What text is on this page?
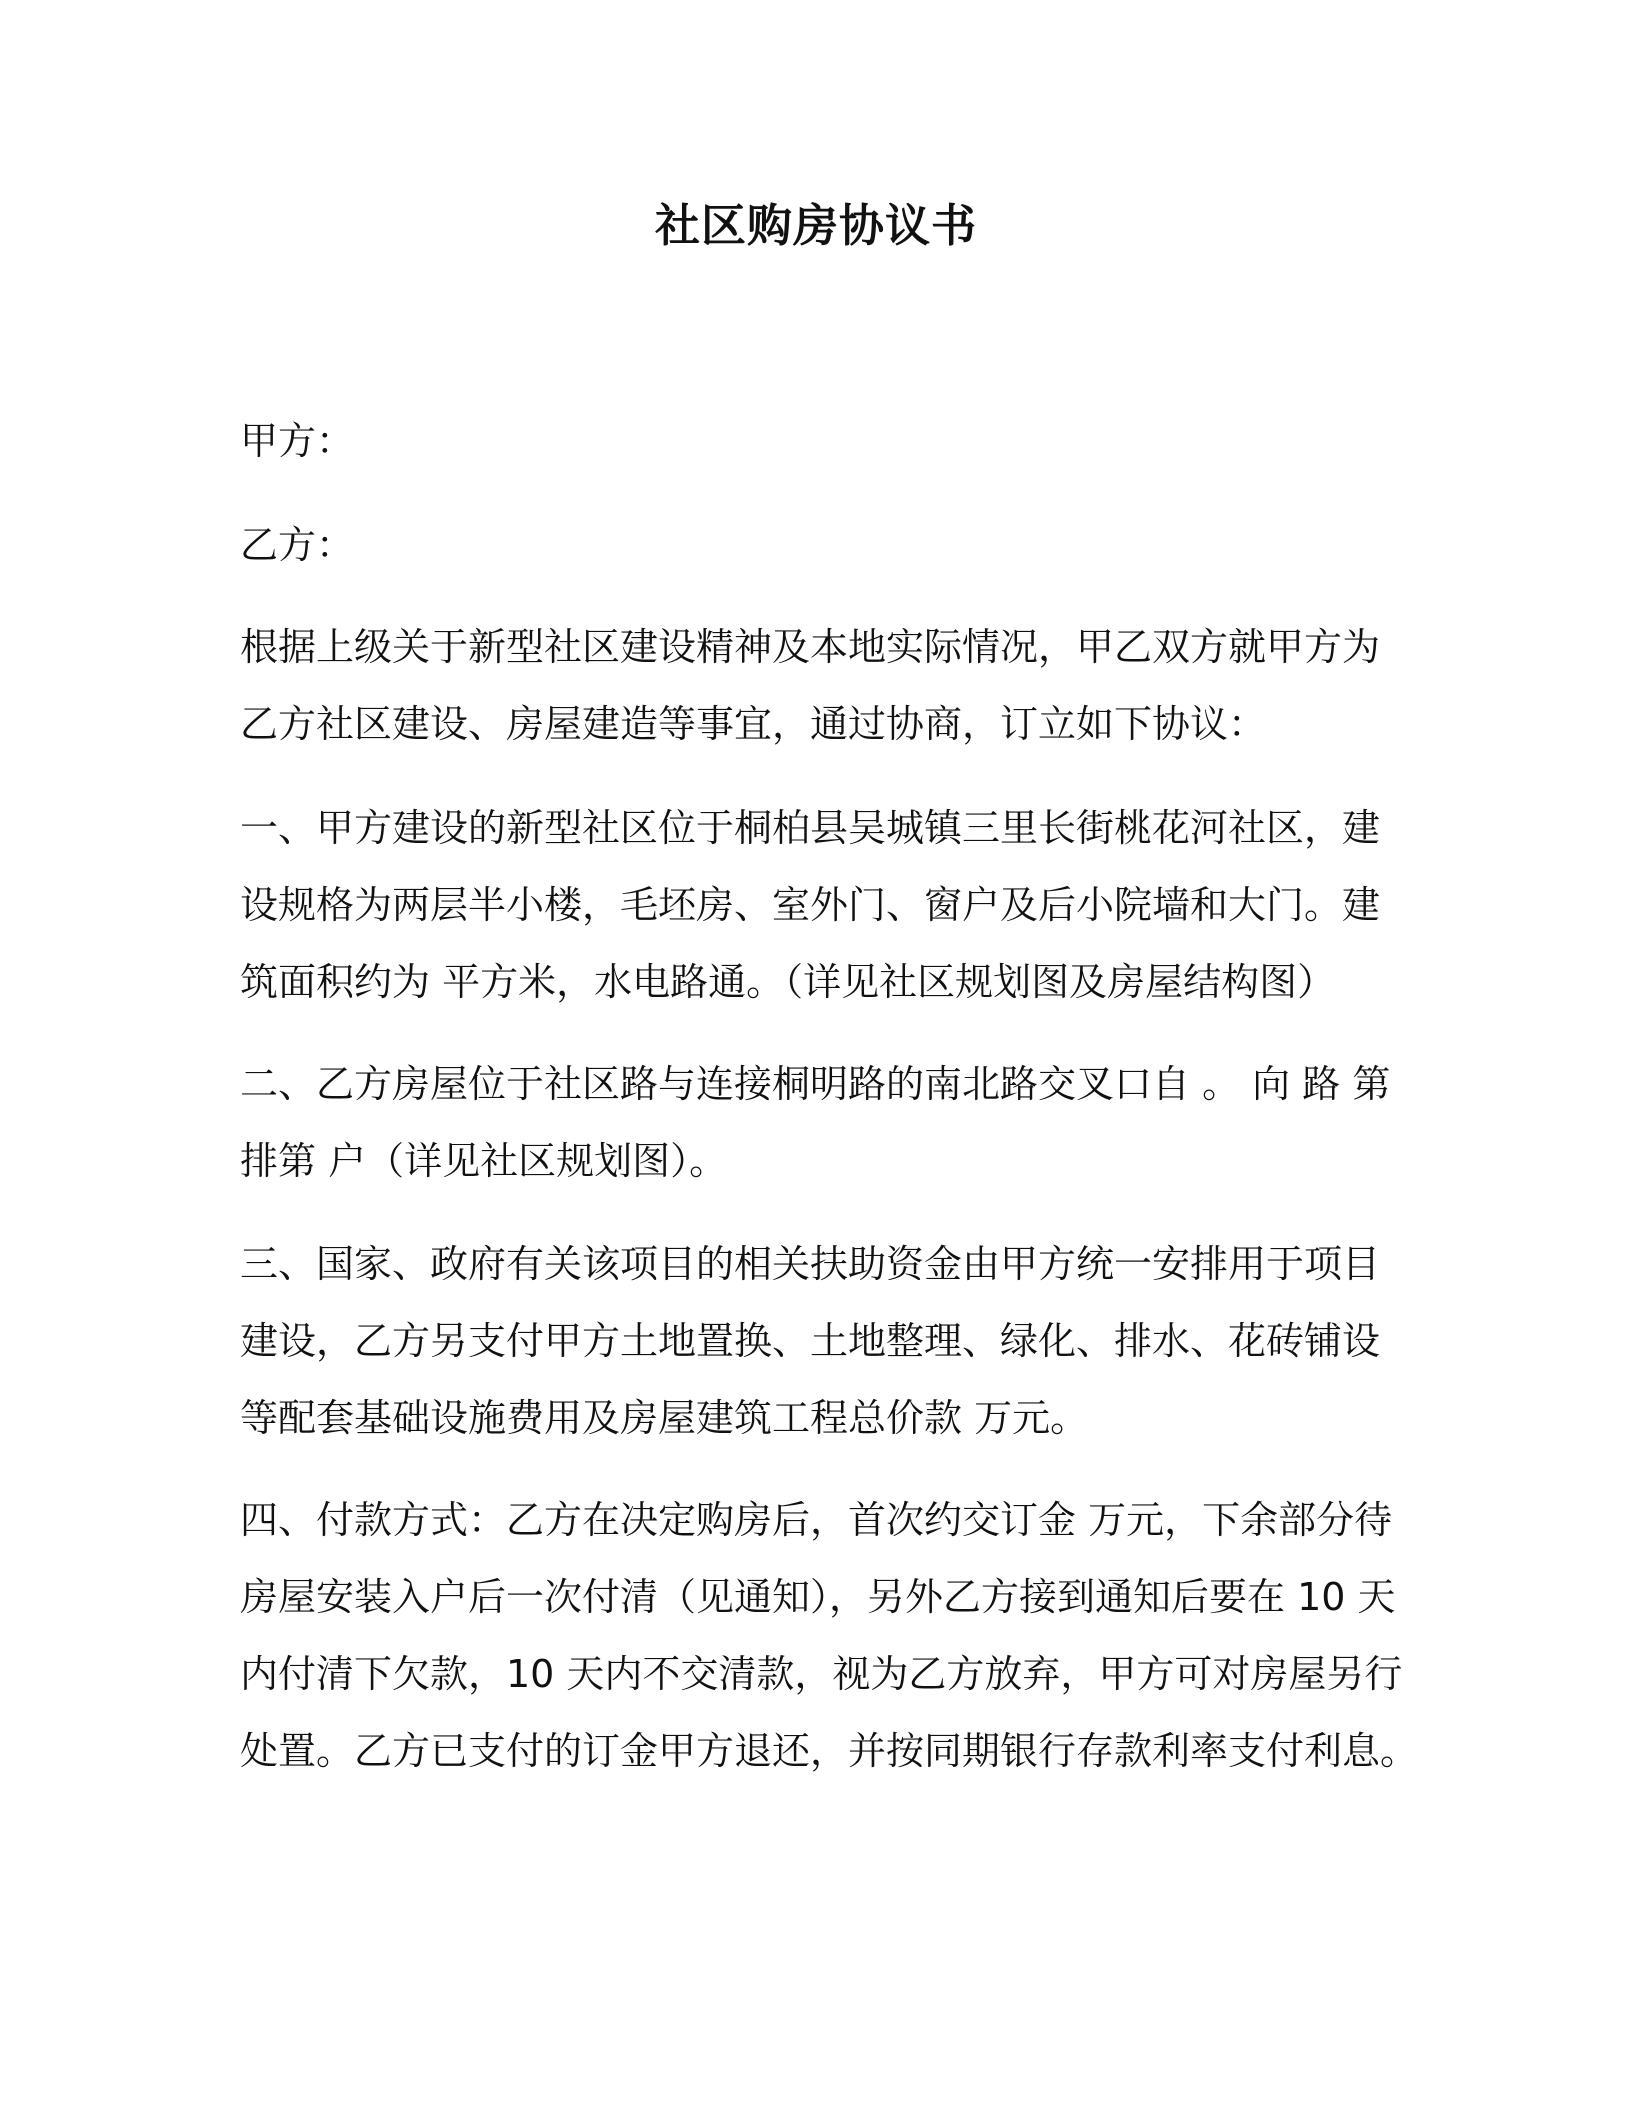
社区购房协议书

甲方：

乙方：

根据上级关于新型社区建设精神及本地实际情况，甲乙双方就甲方为
乙方社区建设、房屋建造等事宜，通过协商，订立如下协议：

一、甲方建设的新型社区位于桐柏县吴城镇三里长街桃花河社区，建
设规格为两层半小楼，毛坯房、室外门、窗户及后小院墙和大门。建
筑面积约为 平方米，水电路通。（详见社区规划图及房屋结构图）

二、乙方房屋位于社区路与连接桐明路的南北路交叉口自 。 向 路 第
排第 户（详见社区规划图）。

三、国家、政府有关该项目的相关扶助资金由甲方统一安排用于项目
建设，乙方另支付甲方土地置换、土地整理、绿化、排水、花砖铺设
等配套基础设施费用及房屋建筑工程总价款 万元。

四、付款方式：乙方在决定购房后，首次约交订金 万元，下余部分待
房屋安装入户后一次付清（见通知），另外乙方接到通知后要在 10 天
内付清下欠款，10 天内不交清款，视为乙方放弃，甲方可对房屋另行
处置。乙方已支付的订金甲方退还，并按同期银行存款利率支付利息。
